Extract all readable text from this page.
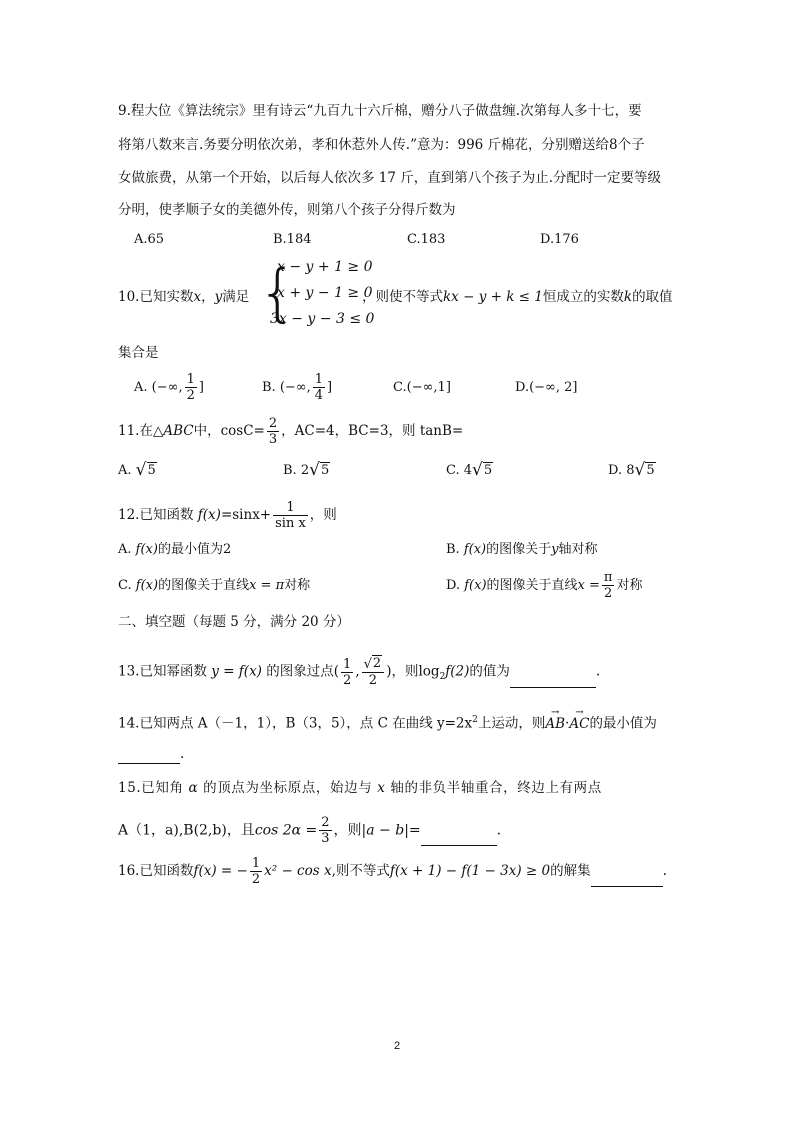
9.程大位《算法统宗》里有诗云“九百九十六斤棉，赠分八子做盘缠.次第每人多十七，要
将第八数来言.务要分明依次弟，孝和休惹外人传.”意为：996 斤棉花，分别赠送给8个子
女做旅费，从第一个开始，以后每人依次多 17 斤，直到第八个孩子为止.分配时一定要等级
分明，使孝顺子女的美德外传，则第八个孩子分得斤数为
A.65	B.184	C.183	D.176
10.已知实数x，y满足 {
x − y + 1 ≥ 0
x + y − 1 ≥ 0
3x − y − 3 ≤ 0
，则使不等式kx − y + k ≤ 1恒成立的实数k的取值
集合是
A. (−∞, $\frac{1}{2}$ ]	B. (−∞, $\frac{1}{4}$ ]	C.(−∞,1]	D.(−∞, 2]
11.在△ABC中，$\cos C= \frac{2}{3}$ ，AC=4，BC=3，则 tanB=
A. √5	B. 2√5	C. 4√5	D. 8√5
12.已知函数 $f(x)=\sin x+ \frac{1}{\text{sin x}}$ ，则
A. f(x)的最小值为2	B. f(x)的图像关于y轴对称
C. f(x)的图像关于直线x = π对称	D. f(x)的图像关于直线$x = \frac{\pi}{2}$ 对称
二、填空题（每题 5 分，满分 20 分）
13.已知幂函数 y = f(x) 的图象过点( $\frac{1}{2}$ , $\frac{√2}{2}$ )，则$\log_2f(2)$的值为	.
14.已知两点 A（－1，1），B（3，5），点 C 在曲线 $y=2x^2$上运动，则→ AB·→ AC的最小值为
.
15.已知角 α 的顶点为坐标原点，始边与 x 轴的非负半轴重合，终边上有两点
A（1，a),B(2,b)，且$\cos 2\alpha = \frac{2}{3}$ ，则|a − b|=	.
16.已知函数f(x) = − $\frac{1}{2} x^2 - \cos x$,则不等式f(x + 1) − f(1 − 3x) ≥ 0的解集	.
2
